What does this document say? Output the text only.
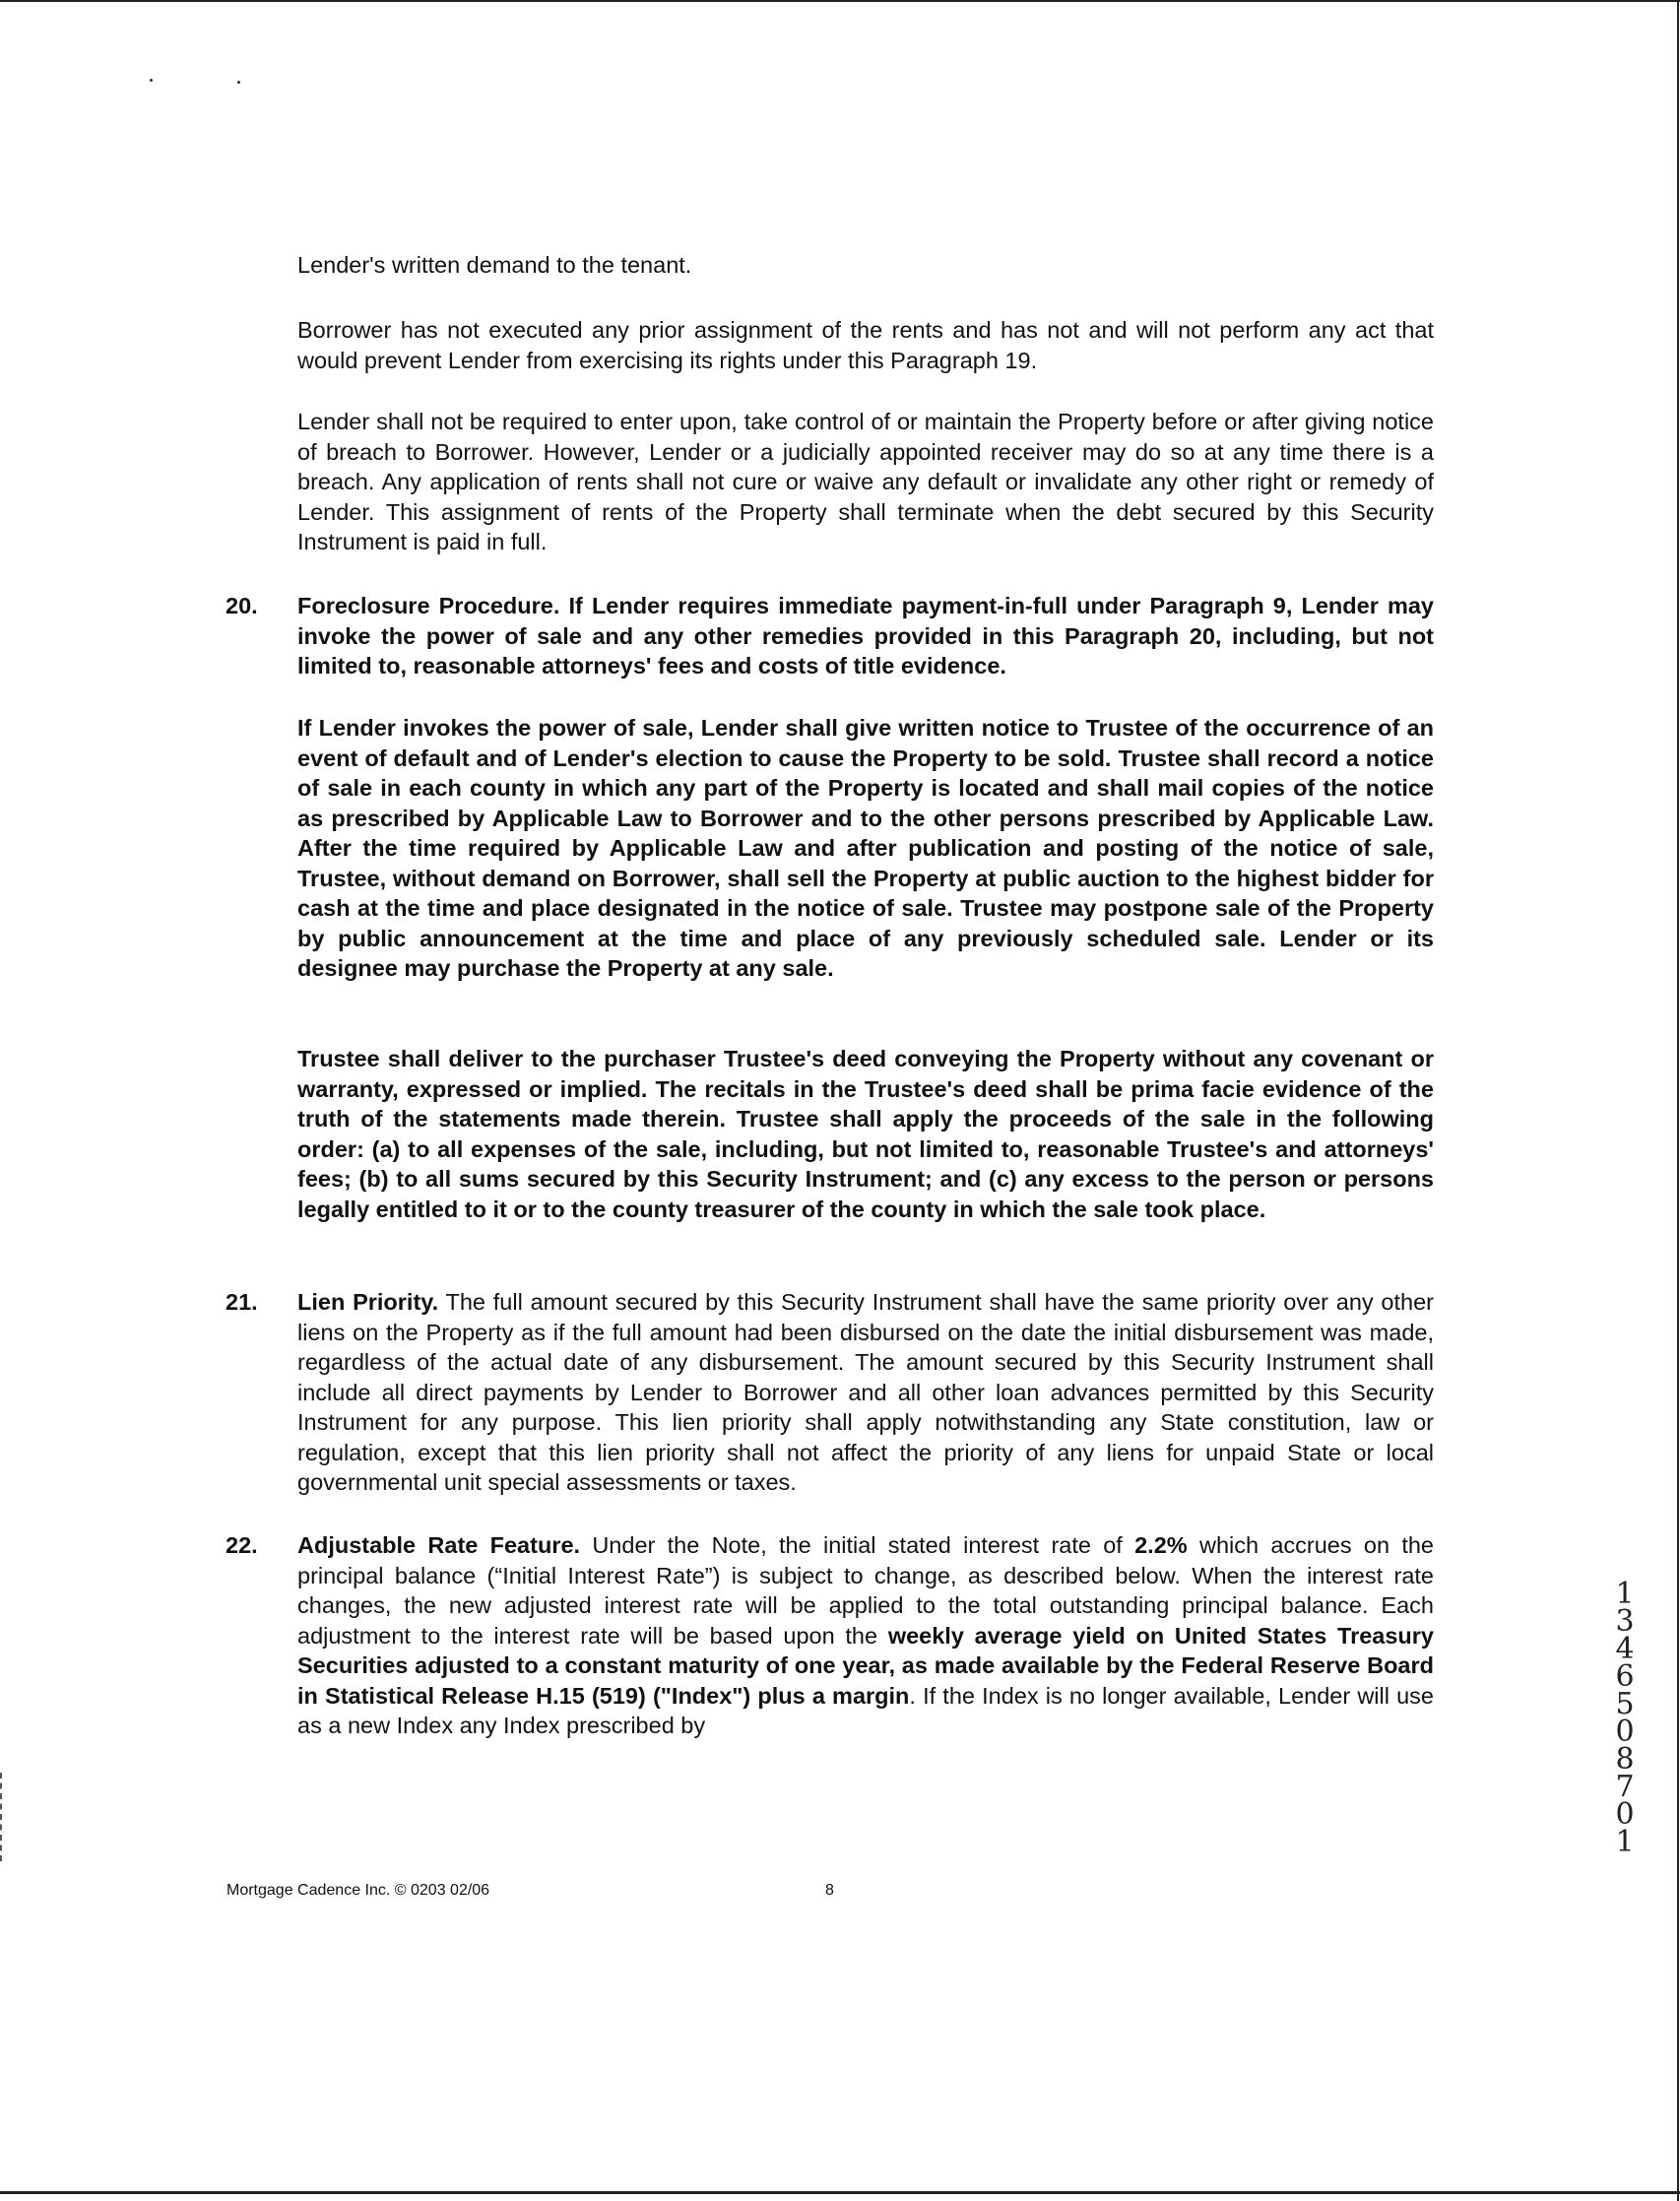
Lender's written demand to the tenant.

Borrower has not executed any prior assignment of the rents and has not and will not perform any act that would prevent Lender from exercising its rights under this Paragraph 19.

Lender shall not be required to enter upon, take control of or maintain the Property before or after giving notice of breach to Borrower. However, Lender or a judicially appointed receiver may do so at any time there is a breach. Any application of rents shall not cure or waive any default or invalidate any other right or remedy of Lender. This assignment of rents of the Property shall terminate when the debt secured by this Security Instrument is paid in full.

20. Foreclosure Procedure. If Lender requires immediate payment-in-full under Paragraph 9, Lender may invoke the power of sale and any other remedies provided in this Paragraph 20, including, but not limited to, reasonable attorneys' fees and costs of title evidence.

If Lender invokes the power of sale, Lender shall give written notice to Trustee of the occurrence of an event of default and of Lender's election to cause the Property to be sold. Trustee shall record a notice of sale in each county in which any part of the Property is located and shall mail copies of the notice as prescribed by Applicable Law to Borrower and to the other persons prescribed by Applicable Law. After the time required by Applicable Law and after publication and posting of the notice of sale, Trustee, without demand on Borrower, shall sell the Property at public auction to the highest bidder for cash at the time and place designated in the notice of sale. Trustee may postpone sale of the Property by public announcement at the time and place of any previously scheduled sale. Lender or its designee may purchase the Property at any sale.

Trustee shall deliver to the purchaser Trustee's deed conveying the Property without any covenant or warranty, expressed or implied. The recitals in the Trustee's deed shall be prima facie evidence of the truth of the statements made therein. Trustee shall apply the proceeds of the sale in the following order: (a) to all expenses of the sale, including, but not limited to, reasonable Trustee's and attorneys' fees; (b) to all sums secured by this Security Instrument; and (c) any excess to the person or persons legally entitled to it or to the county treasurer of the county in which the sale took place.

21. Lien Priority. The full amount secured by this Security Instrument shall have the same priority over any other liens on the Property as if the full amount had been disbursed on the date the initial disbursement was made, regardless of the actual date of any disbursement. The amount secured by this Security Instrument shall include all direct payments by Lender to Borrower and all other loan advances permitted by this Security Instrument for any purpose. This lien priority shall apply notwithstanding any State constitution, law or regulation, except that this lien priority shall not affect the priority of any liens for unpaid State or local governmental unit special assessments or taxes.

22. Adjustable Rate Feature. Under the Note, the initial stated interest rate of 2.2% which accrues on the principal balance (“Initial Interest Rate”) is subject to change, as described below. When the interest rate changes, the new adjusted interest rate will be applied to the total outstanding principal balance. Each adjustment to the interest rate will be based upon the weekly average yield on United States Treasury Securities adjusted to a constant maturity of one year, as made available by the Federal Reserve Board in Statistical Release H.15 (519) ("Index") plus a margin. If the Index is no longer available, Lender will use as a new Index any Index prescribed by

Mortgage Cadence Inc. © 0203 02/06	8
1346508701
